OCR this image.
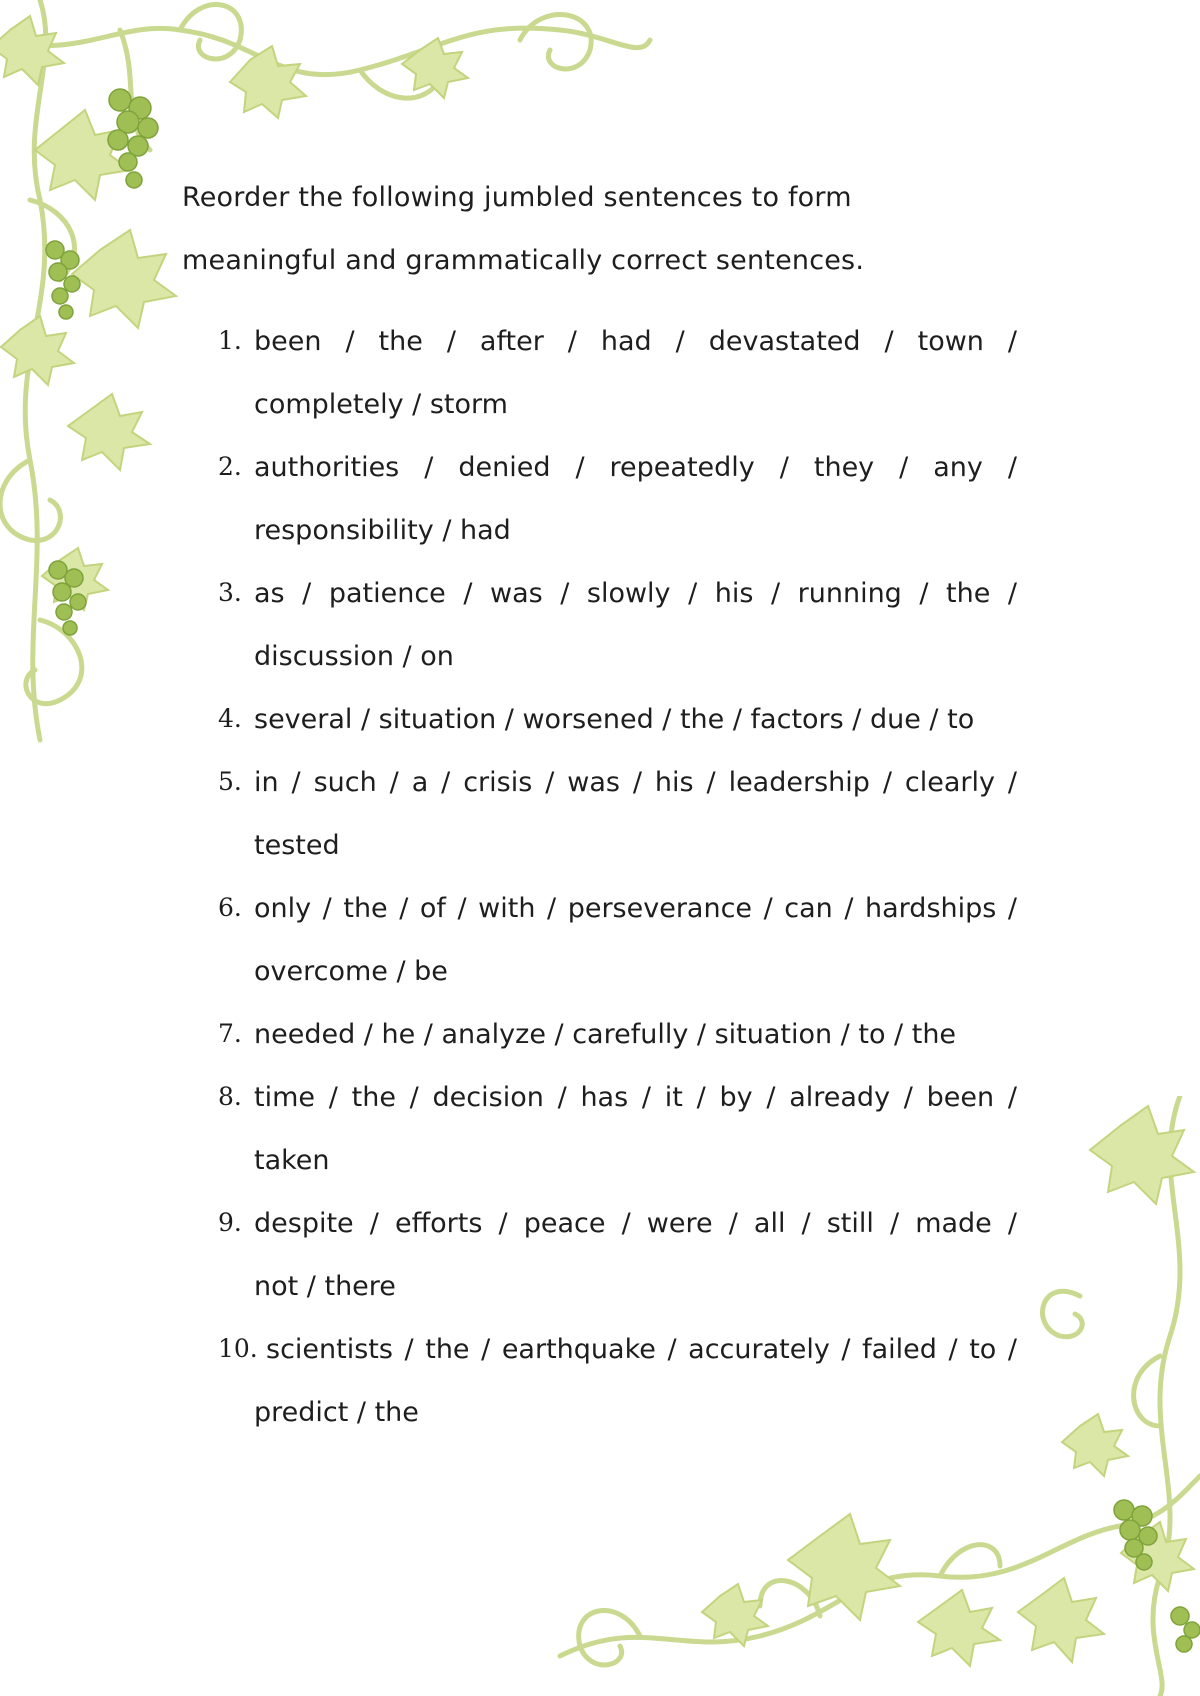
Reorder the following jumbled sentences to form

meaningful and grammatically correct sentences.

1. been / the / after / had / devastated / town /
completely / storm
2. authorities / denied / repeatedly / they / any /
responsibility / had
3. as / patience / was / slowly / his / running / the /
discussion / on
4. several / situation / worsened / the / factors / due / to
5. in / such / a / crisis / was / his / leadership / clearly /
tested
6. only / the / of / with / perseverance / can / hardships /
overcome / be
7. needed / he / analyze / carefully / situation / to / the
8. time / the / decision / has / it / by / already / been /
taken
9. despite / efforts / peace / were / all / still / made /
not / there
10. scientists / the / earthquake / accurately / failed / to /
predict / the
